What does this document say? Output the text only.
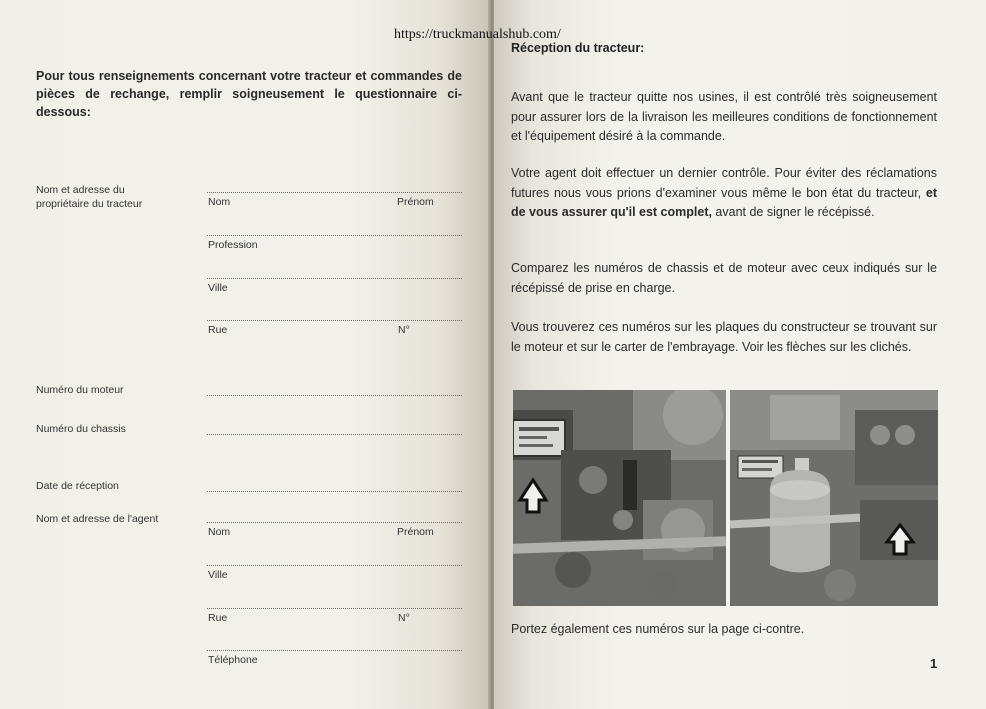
Pour tous renseignements concernant votre tracteur et commandes de pièces de rechange, remplir soigneusement le questionnaire ci-dessous:
Nom et adresse du
propriétaire du tracteur	Nom	Prénom
Profession
Ville
Rue	N°
Numéro du moteur
Numéro du chassis
Date de réception
Nom et adresse de l'agent
Nom	Prénom
Ville
Rue	N°
Téléphone
Réception du tracteur:
Avant que le tracteur quitte nos usines, il est contrôlé très soigneusement pour assurer lors de la livraison les meilleures conditions de fonctionnement et l'équipement désiré à la commande.
Votre agent doit effectuer un dernier contrôle. Pour éviter des réclamations futures nous vous prions d'examiner vous même le bon état du tracteur, et de vous assurer qu'il est complet, avant de signer le récépissé.
Comparez les numéros de chassis et de moteur avec ceux indiqués sur le récépissé de prise en charge.
Vous trouverez ces numéros sur les plaques du constructeur se trouvant sur le moteur et sur le carter de l'embrayage. Voir les flèches sur les clichés.
Portez également ces numéros sur la page ci-contre.
1
https://truckmanualshub.com/
